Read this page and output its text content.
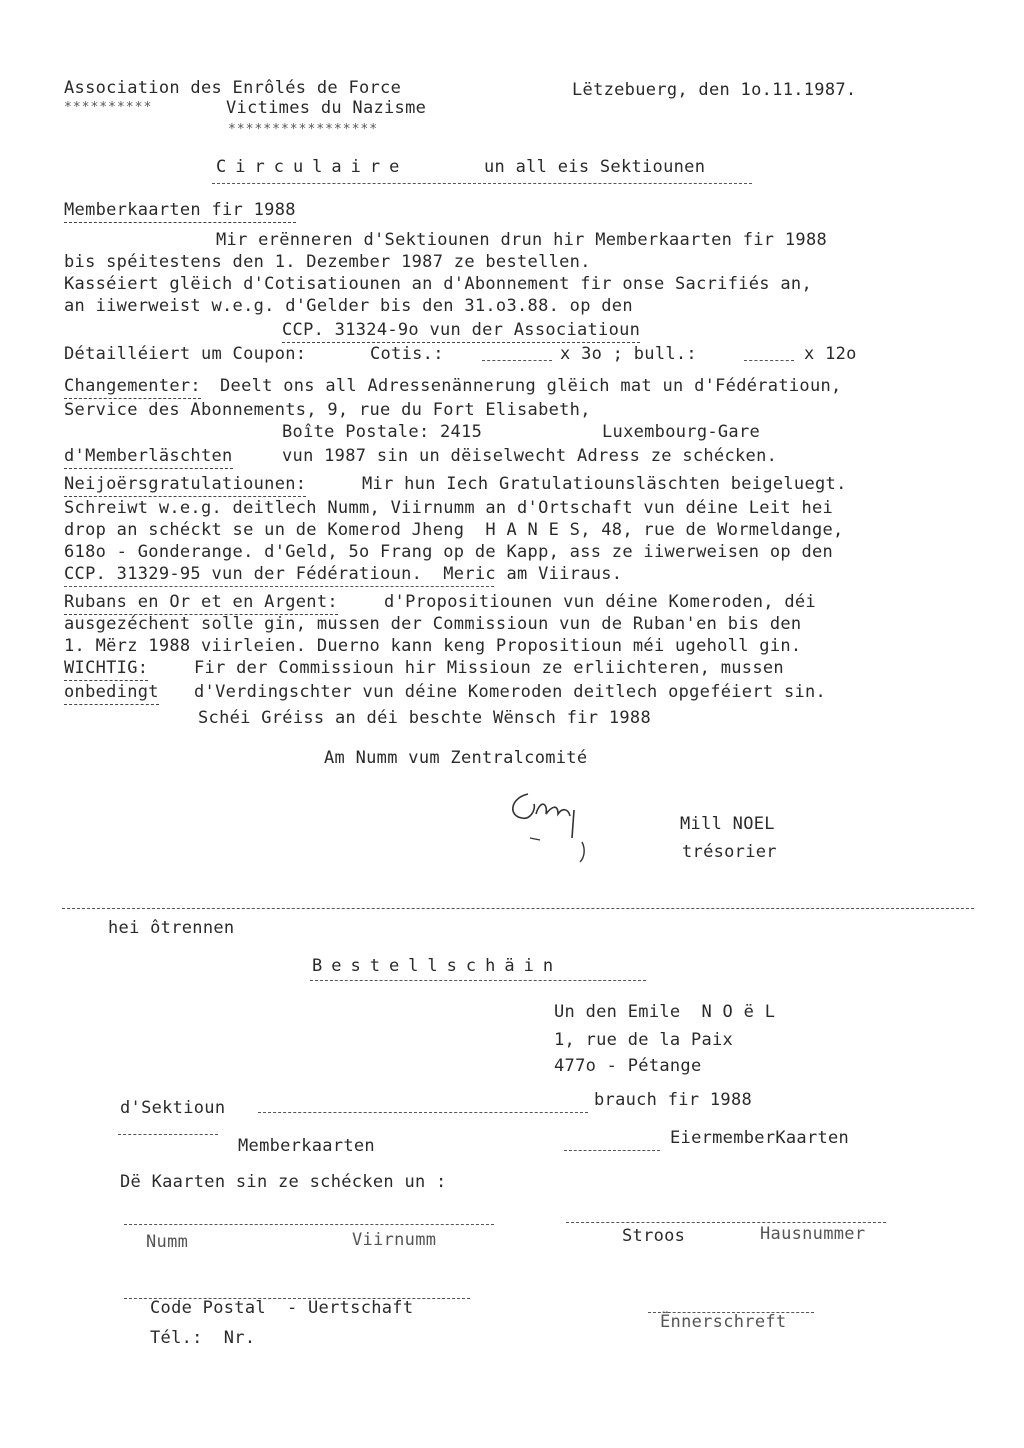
Association des Enrôlés de Force
**********	Victimes du Nazisme
*****************
Lëtzebuerg, den 1o.11.1987.
Circulaire	un all eis Sektiounen
Memberkaarten fir 1988
Mir erënneren d'Sektiounen drun hir Memberkaarten fir 1988
bis spéitestens den 1. Dezember 1987 ze bestellen.
Kasséiert glëich d'Cotisatiounen an d'Abonnement fir onse Sacrifiés an,
an iiwerweist w.e.g. d'Gelder bis den 31.o3.88. op den
CCP. 31324-9o vun der Associatioun
Détailléiert um Coupon:	Cotis.:	x 3o ; bull.:	x 12o
Changementer: Deelt ons all Adressenännerung glëich mat un d'Fédératioun,
Service des Abonnements, 9, rue du Fort Elisabeth,
Boîte Postale: 2415	Luxembourg-Gare
d'Memberläschten	vun 1987 sin un dëiselwecht Adress ze schécken.
Neijoërsgratulatiounen:	Mir hun Iech Gratulatiounsläschten beigeluegt.
Schreiwt w.e.g. deitlech Numm, Viirnumm an d'Ortschaft vun déine Leit hei
drop an schéckt se un de Komerod Jheng  H A N E S, 48, rue de Wormeldange,
618o - Gonderange. d'Geld, 5o Frang op de Kapp, ass ze iiwerweisen op den
CCP. 31329-95 vun der Fédératioun.  Meric am Viiraus.
Rubans en Or et en Argent:	d'Propositiounen vun déine Komeroden, déi
ausgezéchent solle gin, mussen der Commissioun vun de Ruban'en bis den
1. Mërz 1988 viirleien. Duerno kann keng Propositioun méi ugeholl gin.
WICHTIG:	Fir der Commissioun hir Missioun ze erliichteren, mussen
onbedingt d'Verdingschter vun déine Komeroden deitlech opgeféiert sin.
Schéi Gréiss an déi beschte Wënsch fir 1988
Am Numm vum Zentralcomité
Mill NOEL
trésorier
hei ôtrennen
Bestellschäin
Un den Emile  N O ë L
1, rue de la Paix
477o - Pétange
d'Sektioun	brauch fir 1988
Memberkaarten	EiermemberKaarten
Dë Kaarten sin ze schécken un :
Numm	Viirnumm	Stroos	Hausnummer
Code Postal  - Uertschaft
Tél.:  Nr.
Ënnerschreft
